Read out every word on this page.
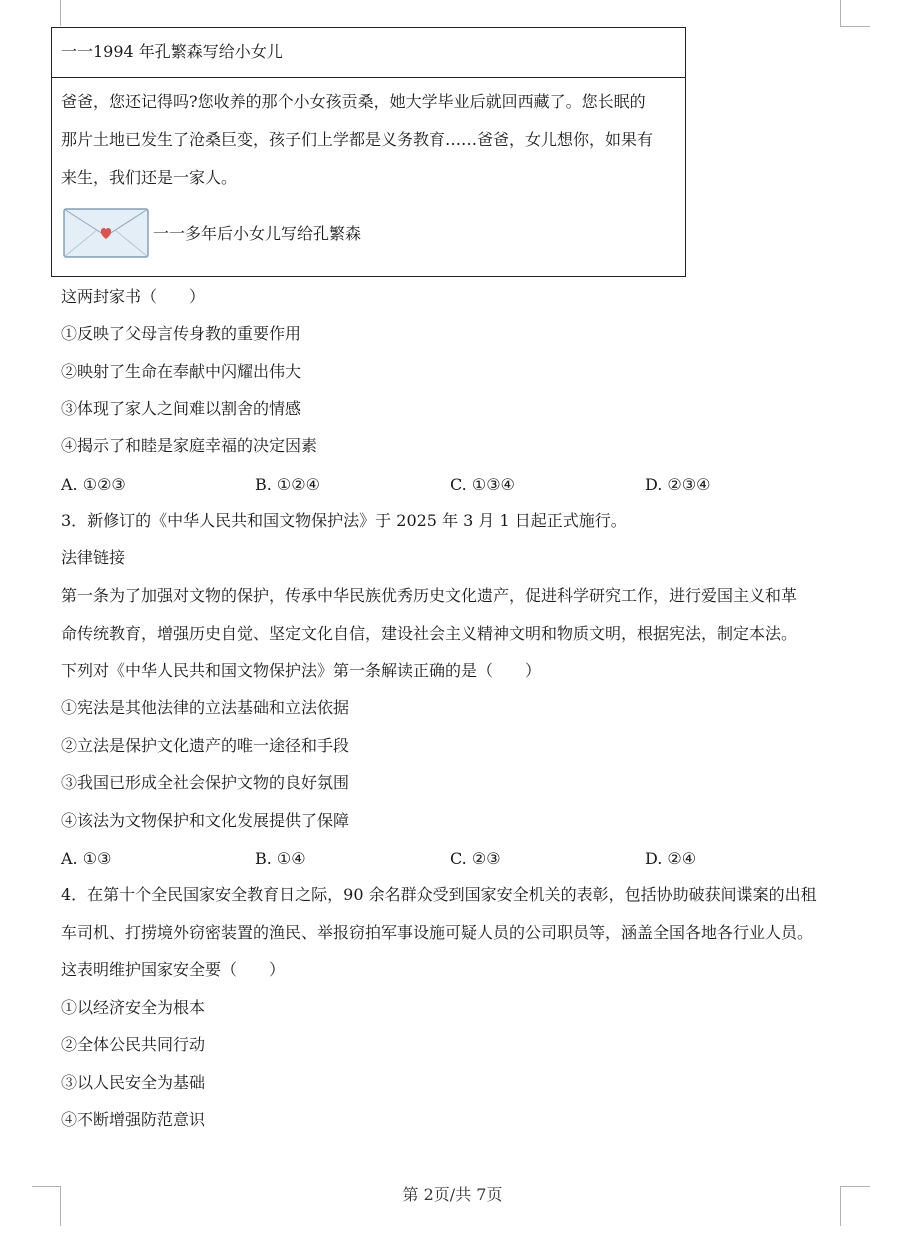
一一1994 年孔繁森写给小女儿
爸爸，您还记得吗?您收养的那个小女孩贡桑，她大学毕业后就回西藏了。您长眠的
那片土地已发生了沧桑巨变，孩子们上学都是义务教育……爸爸，女儿想你，如果有
来生，我们还是一家人。
一一多年后小女儿写给孔繁森
这两封家书（　　）
①反映了父母言传身教的重要作用
②映射了生命在奉献中闪耀出伟大
③体现了家人之间难以割舍的情感
④揭示了和睦是家庭幸福的决定因素
A. ①②③	B. ①②④	C. ①③④	D. ②③④
3．新修订的《中华人民共和国文物保护法》于 2025 年 3 月 1 日起正式施行。
法律链接
第一条为了加强对文物的保护，传承中华民族优秀历史文化遗产，促进科学研究工作，进行爱国主义和革
命传统教育，增强历史自觉、坚定文化自信，建设社会主义精神文明和物质文明，根据宪法，制定本法。
下列对《中华人民共和国文物保护法》第一条解读正确的是（　　）
①宪法是其他法律的立法基础和立法依据
②立法是保护文化遗产的唯一途径和手段
③我国已形成全社会保护文物的良好氛围
④该法为文物保护和文化发展提供了保障
A. ①③	B. ①④	C. ②③	D. ②④
4．在第十个全民国家安全教育日之际，90 余名群众受到国家安全机关的表彰，包括协助破获间谍案的出租
车司机、打捞境外窃密装置的渔民、举报窃拍军事设施可疑人员的公司职员等，涵盖全国各地各行业人员。
这表明维护国家安全要（　　）
①以经济安全为根本
②全体公民共同行动
③以人民安全为基础
④不断增强防范意识
第 2页/共 7页
